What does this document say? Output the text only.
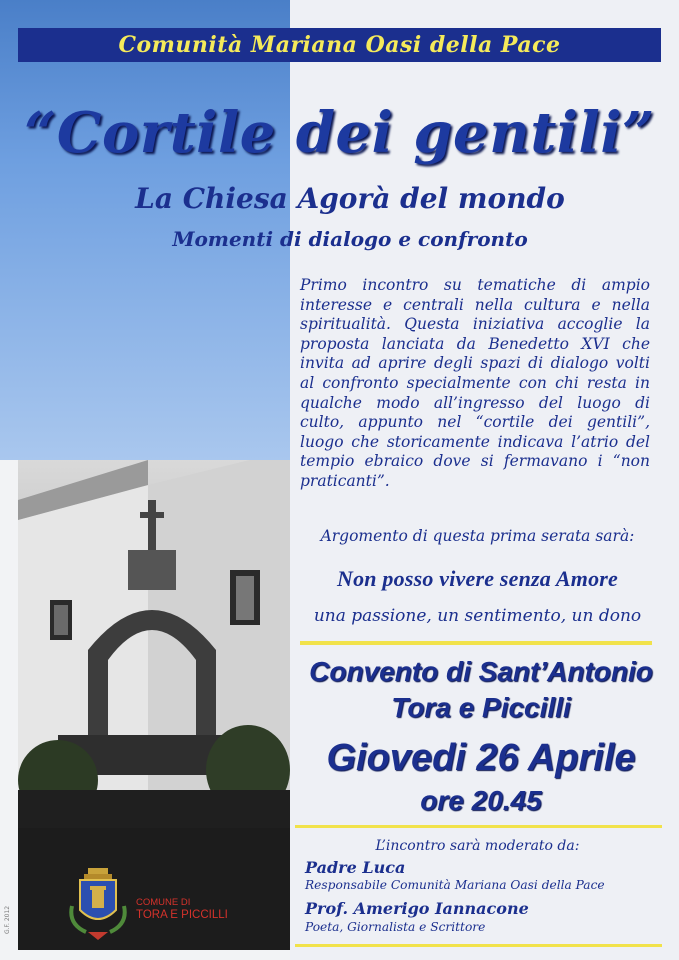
Comunità Mariana Oasi della Pace
“Cortile dei gentili”
La Chiesa Agorà del mondo
Momenti di dialogo e confronto
Primo incontro su tematiche di ampio interesse e centrali nella cultura e nella spiritualità. Questa iniziativa accoglie la proposta lanciata da Benedetto XVI che invita ad aprire degli spazi di dialogo volti al confronto specialmente con chi resta in qualche modo all’ingresso del luogo di culto, appunto nel “cortile dei gentili”, luogo che storicamente indicava l’atrio del tempio ebraico dove si fermavano i “non praticanti”.
Argomento di questa prima serata sarà:
Non posso vivere senza Amore
una passione, un sentimento, un dono
Convento di Sant’Antonio
Tora e Piccilli
Giovedi 26 Aprile
ore 20.45
L’incontro sarà moderato da:
Padre Luca
Responsabile Comunità Mariana Oasi della Pace
Prof. Amerigo Iannacone
Poeta, Giornalista e Scrittore
COMUNE DI
TORA E PICCILLI
G.F. 2012
